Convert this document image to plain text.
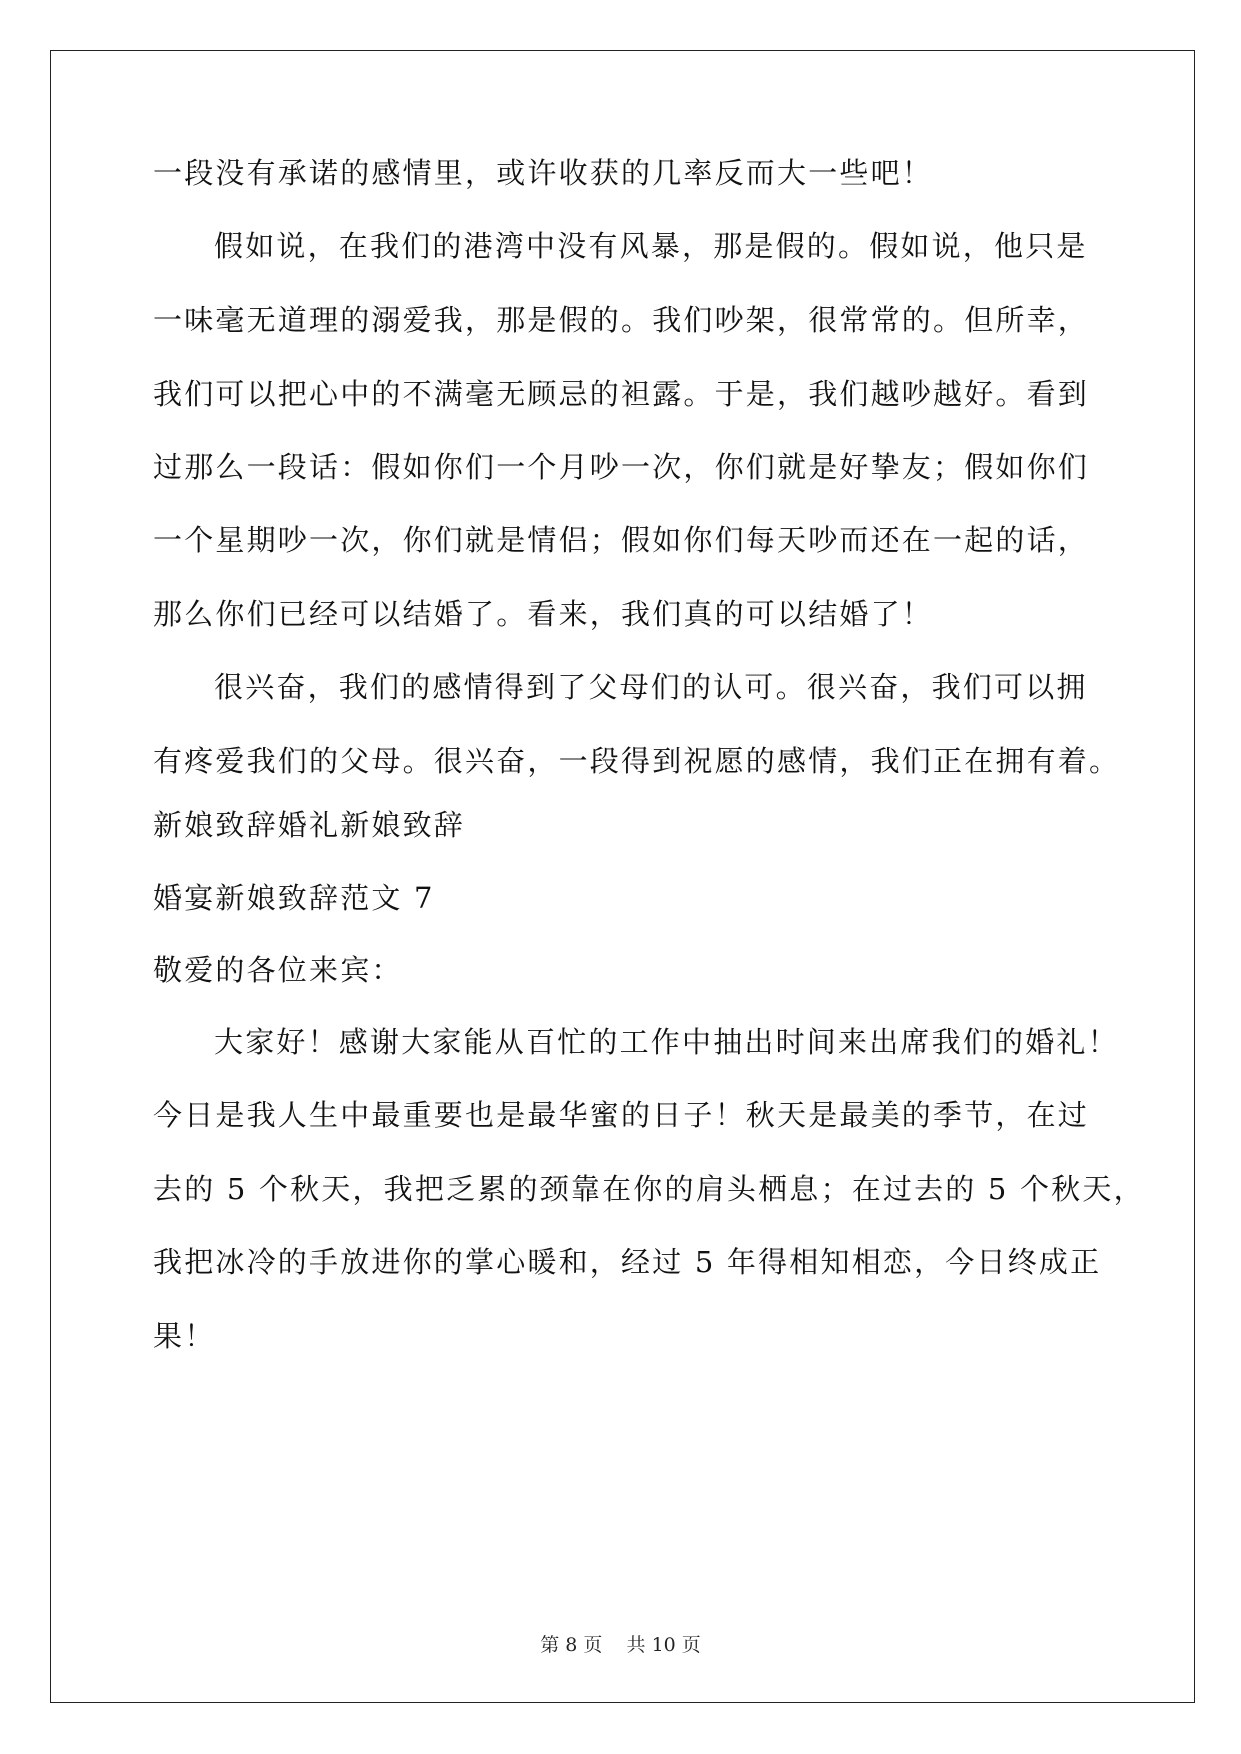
一段没有承诺的感情里，或许收获的几率反而大一些吧！
假如说，在我们的港湾中没有风暴，那是假的。假如说，他只是
一味毫无道理的溺爱我，那是假的。我们吵架，很常常的。但所幸，
我们可以把心中的不满毫无顾忌的袒露。于是，我们越吵越好。看到
过那么一段话：假如你们一个月吵一次，你们就是好挚友；假如你们
一个星期吵一次，你们就是情侣；假如你们每天吵而还在一起的话，
那么你们已经可以结婚了。看来，我们真的可以结婚了！
很兴奋，我们的感情得到了父母们的认可。很兴奋，我们可以拥
有疼爱我们的父母。很兴奋，一段得到祝愿的感情，我们正在拥有着。
新娘致辞婚礼新娘致辞
婚宴新娘致辞范文 7
敬爱的各位来宾：
大家好！感谢大家能从百忙的工作中抽出时间来出席我们的婚礼！
今日是我人生中最重要也是最华蜜的日子！秋天是最美的季节，在过
去的 5 个秋天，我把乏累的颈靠在你的肩头栖息；在过去的 5 个秋天，
我把冰冷的手放进你的掌心暖和，经过 5 年得相知相恋，今日终成正
果！
第 8 页    共 10 页
